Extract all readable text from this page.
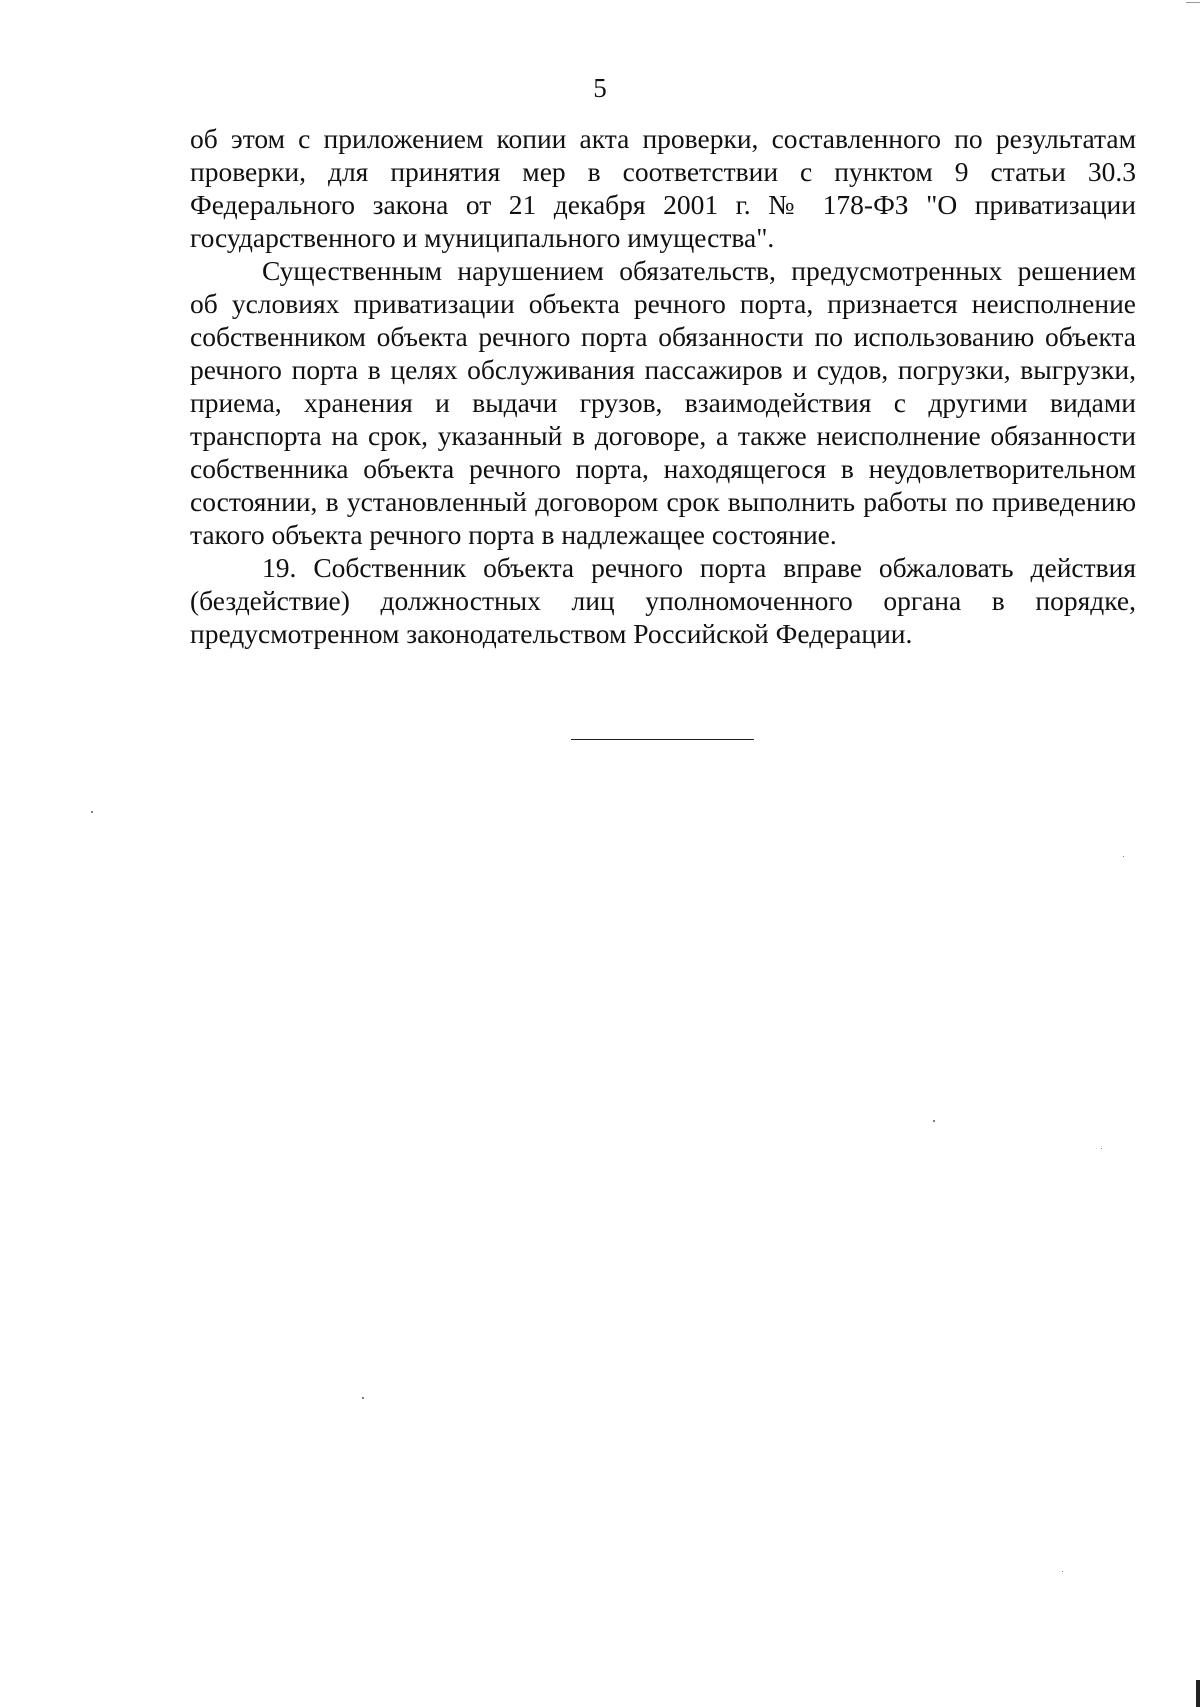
5

об этом с приложением копии акта проверки, составленного по результатам проверки, для принятия мер в соответствии с пунктом 9 статьи 30.3 Федерального закона от 21 декабря 2001 г. № 178-ФЗ "О приватизации государственного и муниципального имущества".

Существенным нарушением обязательств, предусмотренных решением об условиях приватизации объекта речного порта, признается неисполнение собственником объекта речного порта обязанности по использованию объекта речного порта в целях обслуживания пассажиров и судов, погрузки, выгрузки, приема, хранения и выдачи грузов, взаимодействия с другими видами транспорта на срок, указанный в договоре, а также неисполнение обязанности собственника объекта речного порта, находящегося в неудовлетворительном состоянии, в установленный договором срок выполнить работы по приведению такого объекта речного порта в надлежащее состояние.

19. Собственник объекта речного порта вправе обжаловать действия (бездействие) должностных лиц уполномоченного органа в порядке, предусмотренном законодательством Российской Федерации.
